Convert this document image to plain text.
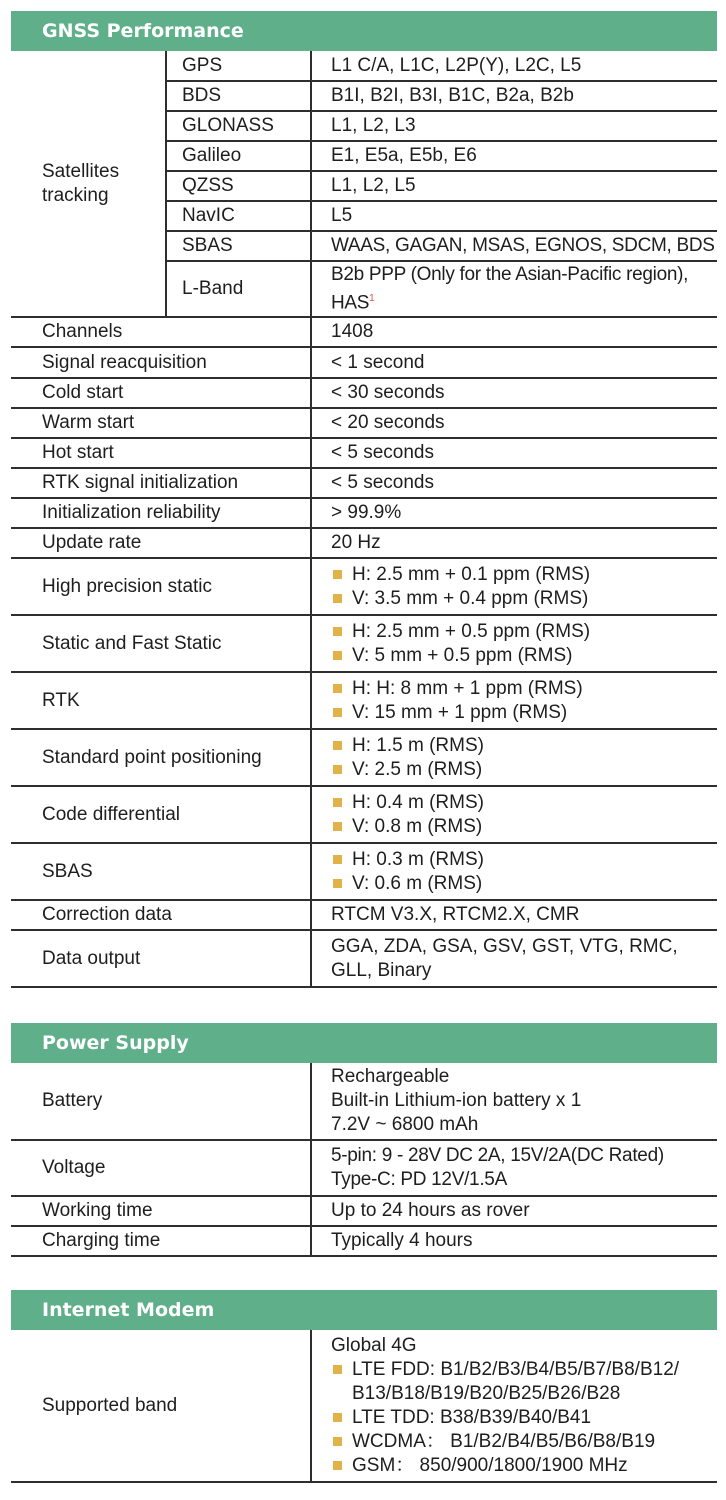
GNSS Performance
Satellites tracking	GPS	L1 C/A, L1C, L2P(Y), L2C, L5
	BDS	B1I, B2I, B3I, B1C, B2a, B2b
	GLONASS	L1, L2, L3
	Galileo	E1, E5a, E5b, E6
	QZSS	L1, L2, L5
	NavIC	L5
	SBAS	WAAS, GAGAN, MSAS, EGNOS, SDCM, BDS
	L-Band	B2b PPP (Only for the Asian-Pacific region), HAS$^1$
Channels		1408
Signal reacquisition		< 1 second
Cold start		< 30 seconds
Warm start		< 20 seconds
Hot start		< 5 seconds
RTK signal initialization		< 5 seconds
Initialization reliability		> 99.9%
Update rate		20 Hz
High precision static		H: 2.5 mm + 0.1 ppm (RMS)
V: 3.5 mm + 0.4 ppm (RMS)

Static and Fast Static		H: 2.5 mm + 0.5 ppm (RMS)
V: 5 mm + 0.5 ppm (RMS)

RTK		H: H: 8 mm + 1 ppm (RMS)
V: 15 mm + 1 ppm (RMS)

Standard point positioning		H: 1.5 m (RMS)
V: 2.5 m (RMS)

Code differential		H: 0.4 m (RMS)
V: 0.8 m (RMS)

SBAS		H: 0.3 m (RMS)
V: 0.6 m (RMS)

Correction data		RTCM V3.X, RTCM2.X, CMR
Data output		GGA, ZDA, GSA, GSV, GST, VTG, RMC, GLL, Binary
Power Supply
Battery	Rechargeable
Built-in Lithium-ion battery x 1
7.2V ~ 6800 mAh

Voltage	5-pin: 9 - 28V DC 2A, 15V/2A(DC Rated)
Type-C: PD 12V/1.5A

Working time	Up to 24 hours as rover
Charging time	Typically 4 hours
Internet Modem
Supported band	
Global 4G
LTE FDD: B1/B2/B3/B4/B5/B7/B8/B12/ B13/B18/B19/B20/B25/B26/B28
LTE TDD: B38/B39/B40/B41
WCDMA： B1/B2/B4/B5/B6/B8/B19
GSM： 850/900/1800/1900 MHz
